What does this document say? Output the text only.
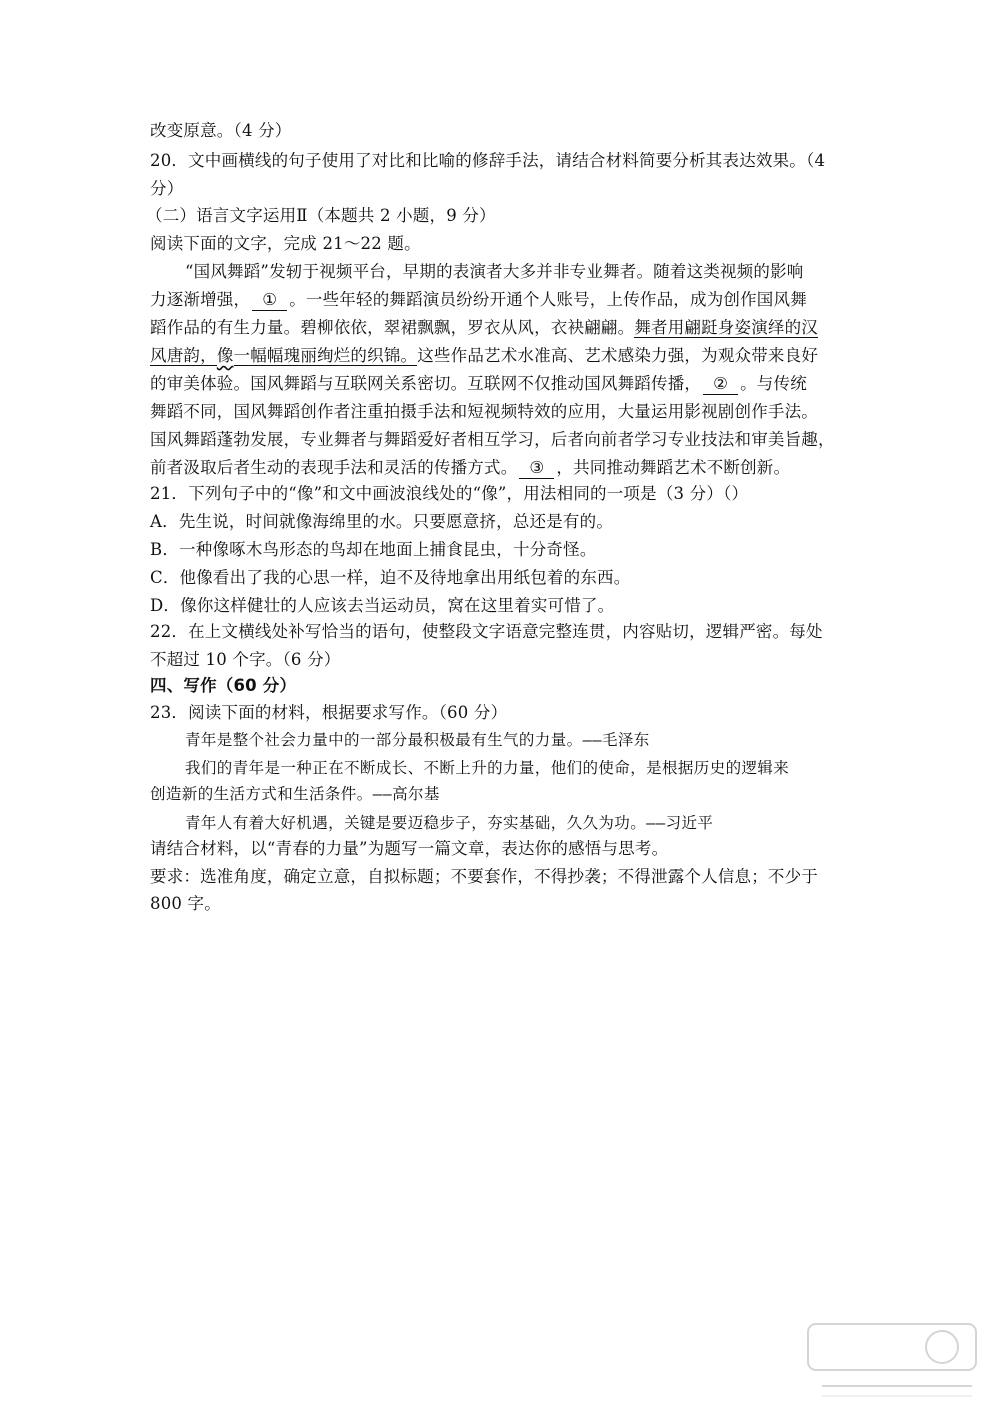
改变原意。（4 分）
20．文中画横线的句子使用了对比和比喻的修辞手法，请结合材料简要分析其表达效果。（4
分）
（二）语言文字运用Ⅱ（本题共 2 小题，9 分）
阅读下面的文字，完成 21～22 题。
“国风舞蹈”发轫于视频平台，早期的表演者大多并非专业舞者。随着这类视频的影响
力逐渐增强， ① 。一些年轻的舞蹈演员纷纷开通个人账号，上传作品，成为创作国风舞
蹈作品的有生力量。碧柳依依，翠裙飘飘，罗衣从风，衣袂翩翩。舞者用翩跹身姿演绎的汉
风唐韵，像一幅幅瑰丽绚烂的织锦。这些作品艺术水准高、艺术感染力强，为观众带来良好
的审美体验。国风舞蹈与互联网关系密切。互联网不仅推动国风舞蹈传播， ② 。与传统
舞蹈不同，国风舞蹈创作者注重拍摄手法和短视频特效的应用，大量运用影视剧创作手法。
国风舞蹈蓬勃发展，专业舞者与舞蹈爱好者相互学习，后者向前者学习专业技法和审美旨趣，
前者汲取后者生动的表现手法和灵活的传播方式。 ③ ，共同推动舞蹈艺术不断创新。
21．下列句子中的“像”和文中画波浪线处的“像”，用法相同的一项是（3 分）（）
A．先生说，时间就像海绵里的水。只要愿意挤，总还是有的。
B．一种像啄木鸟形态的鸟却在地面上捕食昆虫，十分奇怪。
C．他像看出了我的心思一样，迫不及待地拿出用纸包着的东西。
D．像你这样健壮的人应该去当运动员，窝在这里着实可惜了。
22．在上文横线处补写恰当的语句，使整段文字语意完整连贯，内容贴切，逻辑严密。每处
不超过 10 个字。（6 分）
四、写作（60 分）
23．阅读下面的材料，根据要求写作。（60 分）
青年是整个社会力量中的一部分最积极最有生气的力量。——毛泽东
我们的青年是一种正在不断成长、不断上升的力量，他们的使命，是根据历史的逻辑来
创造新的生活方式和生活条件。——高尔基
青年人有着大好机遇，关键是要迈稳步子，夯实基础，久久为功。——习近平
请结合材料，以“青春的力量”为题写一篇文章，表达你的感悟与思考。
要求：选准角度，确定立意，自拟标题；不要套作，不得抄袭；不得泄露个人信息；不少于
800 字。
